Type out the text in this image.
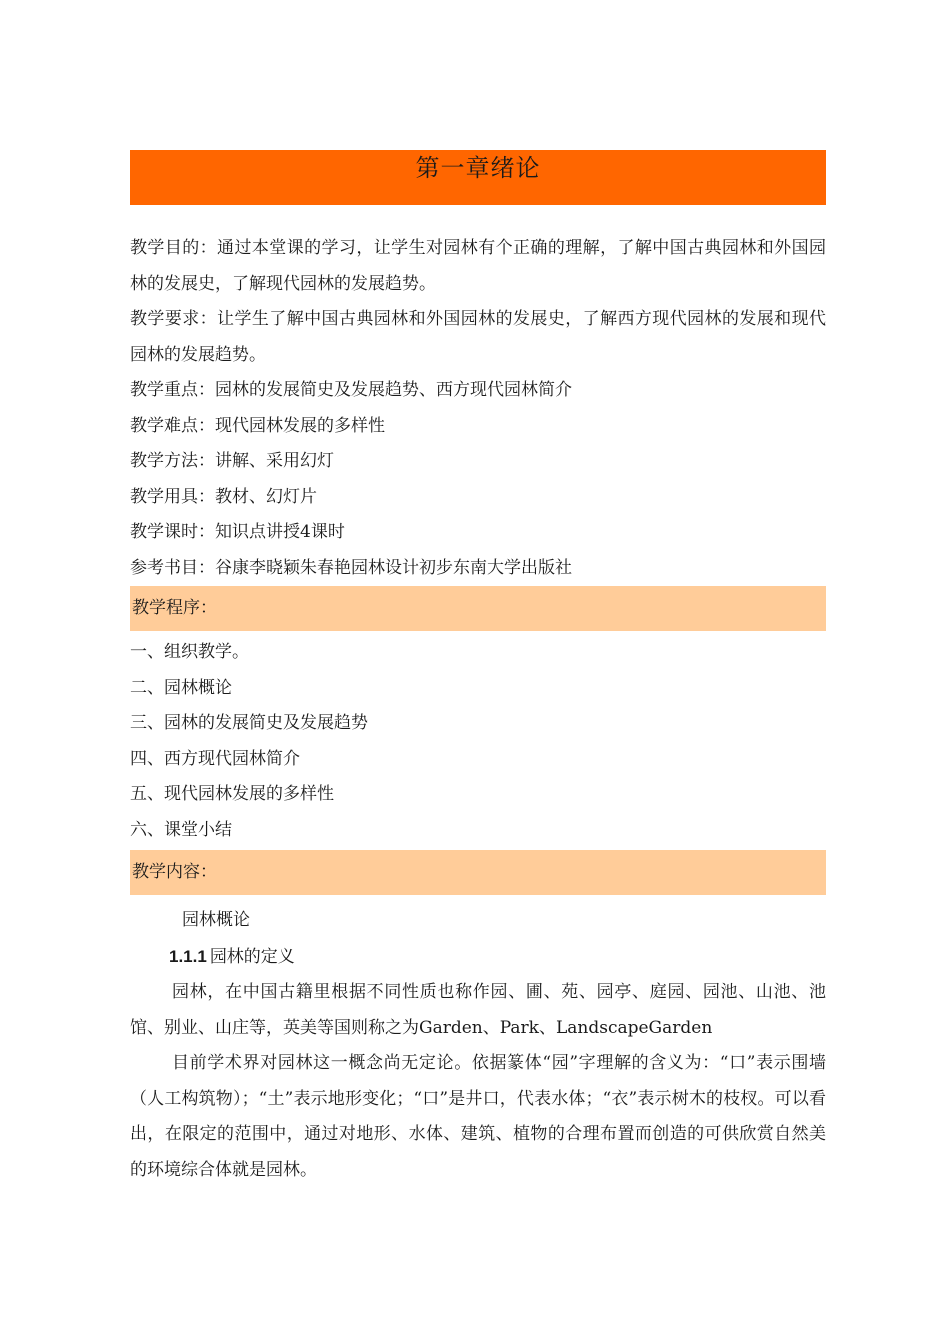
第一章绪论

教学目的：通过本堂课的学习，让学生对园林有个正确的理解，了解中国古典园林和外国园林的发展史，了解现代园林的发展趋势。

教学要求：让学生了解中国古典园林和外国园林的发展史，了解西方现代园林的发展和现代园林的发展趋势。

教学重点：园林的发展简史及发展趋势、西方现代园林简介

教学难点：现代园林发展的多样性

教学方法：讲解、采用幻灯

教学用具：教材、幻灯片

教学课时：知识点讲授4课时

参考书目：谷康李晓颖朱春艳园林设计初步东南大学出版社

教学程序：

一、组织教学。

二、园林概论

三、园林的发展简史及发展趋势

四、西方现代园林简介

五、现代园林发展的多样性

六、课堂小结

教学内容：

园林概论

1.1.1 园林的定义

园林，在中国古籍里根据不同性质也称作园、圃、苑、园亭、庭园、园池、山池、池馆、别业、山庄等，英美等国则称之为Garden、Park、LandscapeGarden

目前学术界对园林这一概念尚无定论。依据篆体“园”字理解的含义为：“口”表示围墙（人工构筑物）；“土”表示地形变化；“口”是井口，代表水体；“衣”表示树木的枝杈。可以看出，在限定的范围中，通过对地形、水体、建筑、植物的合理布置而创造的可供欣赏自然美的环境综合体就是园林。
